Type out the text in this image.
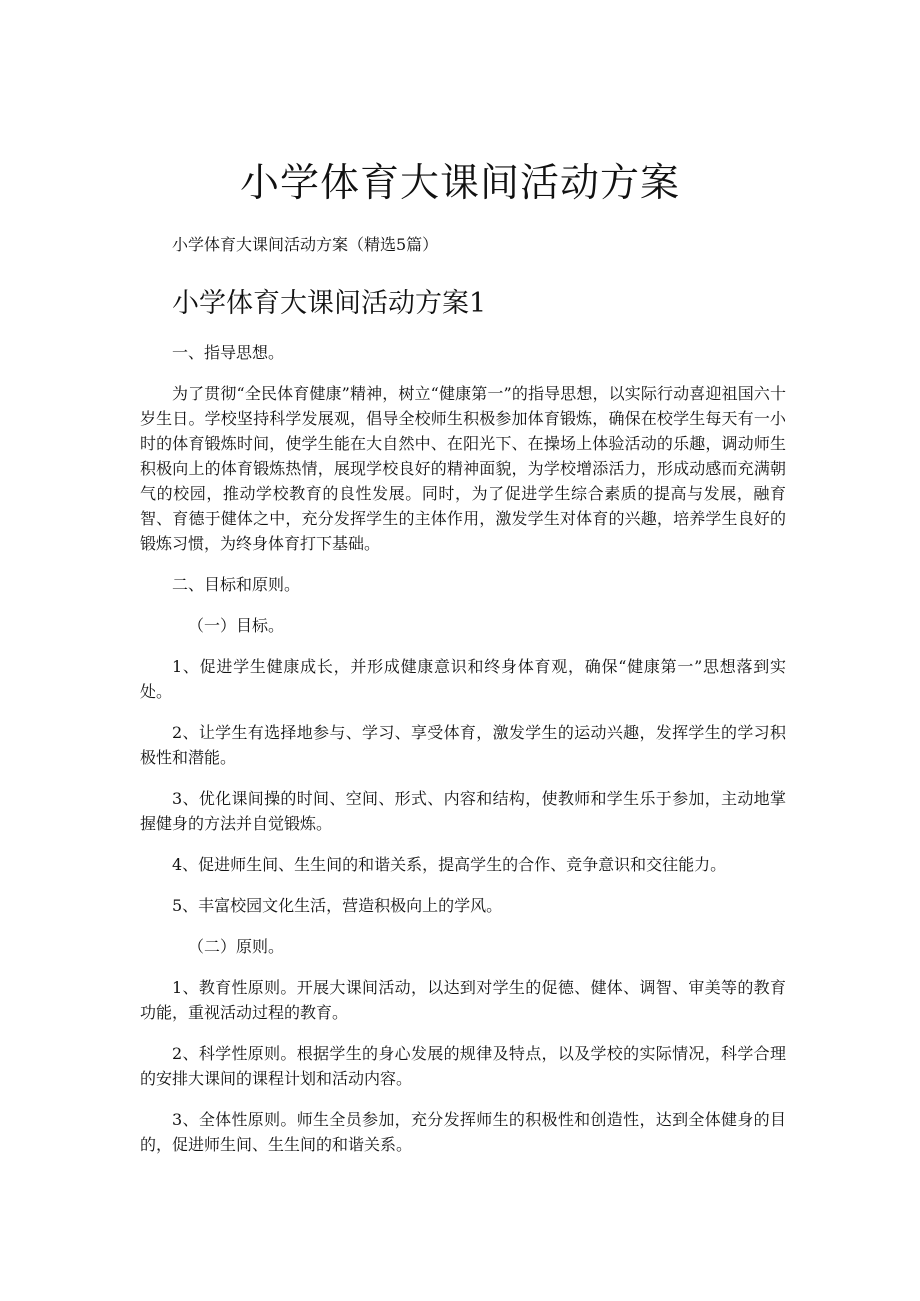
小学体育大课间活动方案

小学体育大课间活动方案（精选5篇）

小学体育大课间活动方案1

一、指导思想。

为了贯彻“全民体育健康”精神，树立“健康第一”的指导思想，以实际行动喜迎祖国六十岁生日。学校坚持科学发展观，倡导全校师生积极参加体育锻炼，确保在校学生每天有一小时的体育锻炼时间，使学生能在大自然中、在阳光下、在操场上体验活动的乐趣，调动师生积极向上的体育锻炼热情，展现学校良好的精神面貌，为学校增添活力，形成动感而充满朝气的校园，推动学校教育的良性发展。同时，为了促进学生综合素质的提高与发展，融育智、育德于健体之中，充分发挥学生的主体作用，激发学生对体育的兴趣，培养学生良好的锻炼习惯，为终身体育打下基础。

二、目标和原则。

（一）目标。

1、促进学生健康成长，并形成健康意识和终身体育观，确保“健康第一”思想落到实处。

2、让学生有选择地参与、学习、享受体育，激发学生的运动兴趣，发挥学生的学习积极性和潜能。

3、优化课间操的时间、空间、形式、内容和结构，使教师和学生乐于参加，主动地掌握健身的方法并自觉锻炼。

4、促进师生间、生生间的和谐关系，提高学生的合作、竞争意识和交往能力。

5、丰富校园文化生活，营造积极向上的学风。

（二）原则。

1、教育性原则。开展大课间活动，以达到对学生的促德、健体、调智、审美等的教育功能，重视活动过程的教育。

2、科学性原则。根据学生的身心发展的规律及特点，以及学校的实际情况，科学合理的安排大课间的课程计划和活动内容。

3、全体性原则。师生全员参加，充分发挥师生的积极性和创造性，达到全体健身的目的，促进师生间、生生间的和谐关系。
